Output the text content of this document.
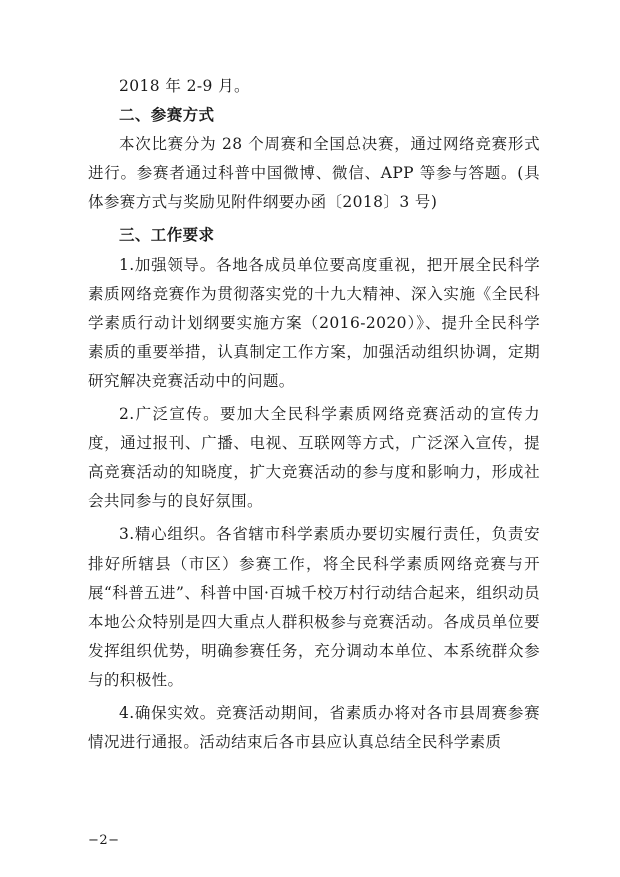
2018 年 2-9 月。

二、参赛方式

本次比赛分为 28 个周赛和全国总决赛，通过网络竞赛形式进行。参赛者通过科普中国微博、微信、APP 等参与答题。(具体参赛方式与奖励见附件纲要办函〔2018〕3 号)

三、工作要求

1.加强领导。各地各成员单位要高度重视，把开展全民科学素质网络竞赛作为贯彻落实党的十九大精神、深入实施《全民科学素质行动计划纲要实施方案（2016-2020）》、提升全民科学素质的重要举措，认真制定工作方案，加强活动组织协调，定期研究解决竞赛活动中的问题。

2.广泛宣传。要加大全民科学素质网络竞赛活动的宣传力度，通过报刊、广播、电视、互联网等方式，广泛深入宣传，提高竞赛活动的知晓度，扩大竞赛活动的参与度和影响力，形成社会共同参与的良好氛围。

3.精心组织。各省辖市科学素质办要切实履行责任，负责安排好所辖县（市区）参赛工作，将全民科学素质网络竞赛与开展“科普五进”、科普中国·百城千校万村行动结合起来，组织动员本地公众特别是四大重点人群积极参与竞赛活动。各成员单位要发挥组织优势，明确参赛任务，充分调动本单位、本系统群众参与的积极性。

4.确保实效。竞赛活动期间，省素质办将对各市县周赛参赛情况进行通报。活动结束后各市县应认真总结全民科学素质

−2−
